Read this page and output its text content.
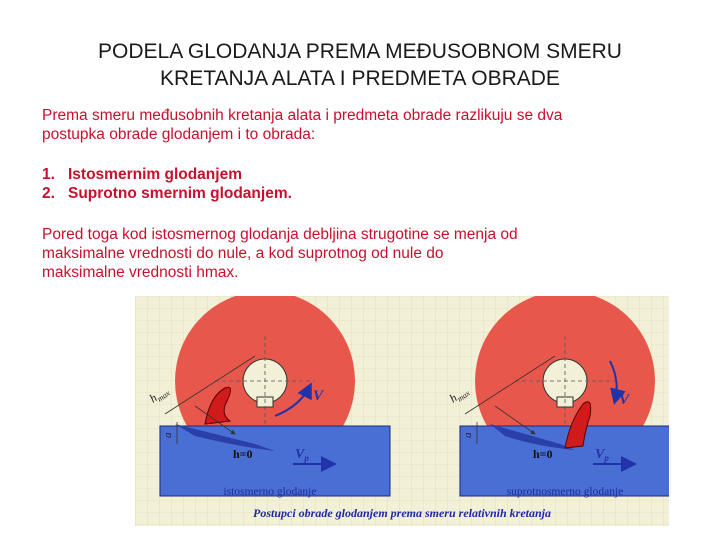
PODELA GLODANJA PREMA MEĐUSOBNOM SMERU
KRETANJA ALATA I PREDMETA OBRADE
Prema smeru međusobnih kretanja alata i predmeta obrade razlikuju se dva
postupka obrade glodanjem i to obrada:
1. Istosmernim glodanjem
2. Suprotno smernim glodanjem.
Pored toga kod istosmernog glodanja debljina strugotine se menja od
maksimalne vrednosti do nule, a kod suprotnog od nule do
maksimalne vrednosti hmax.
$h_{max}$
a
V
h=0	$V_p$
istosmerno glodanje
$h_{max}$
a
V
h=0	$V_p$
suprotnosmerno glodanje
Postupci obrade glodanjem prema smeru relativnih kretanja
